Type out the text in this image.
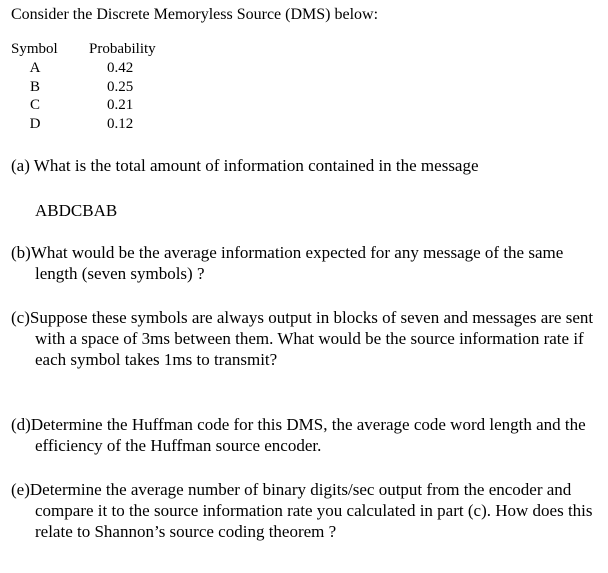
Consider the Discrete Memoryless Source (DMS) below:
Symbol Probability
A	0.42
B	0.25
C	0.21
D	0.12
(a) What is the total amount of information contained in the message
ABDCBAB
(b)What would be the average information expected for any message of the same length (seven symbols) ?
(c)Suppose these symbols are always output in blocks of seven and messages are sent with a space of 3ms between them. What would be the source information rate if each symbol takes 1ms to transmit?
(d)Determine the Huffman code for this DMS, the average code word length and the efficiency of the Huffman source encoder.
(e)Determine the average number of binary digits/sec output from the encoder and compare it to the source information rate you calculated in part (c). How does this relate to Shannon’s source coding theorem ?
